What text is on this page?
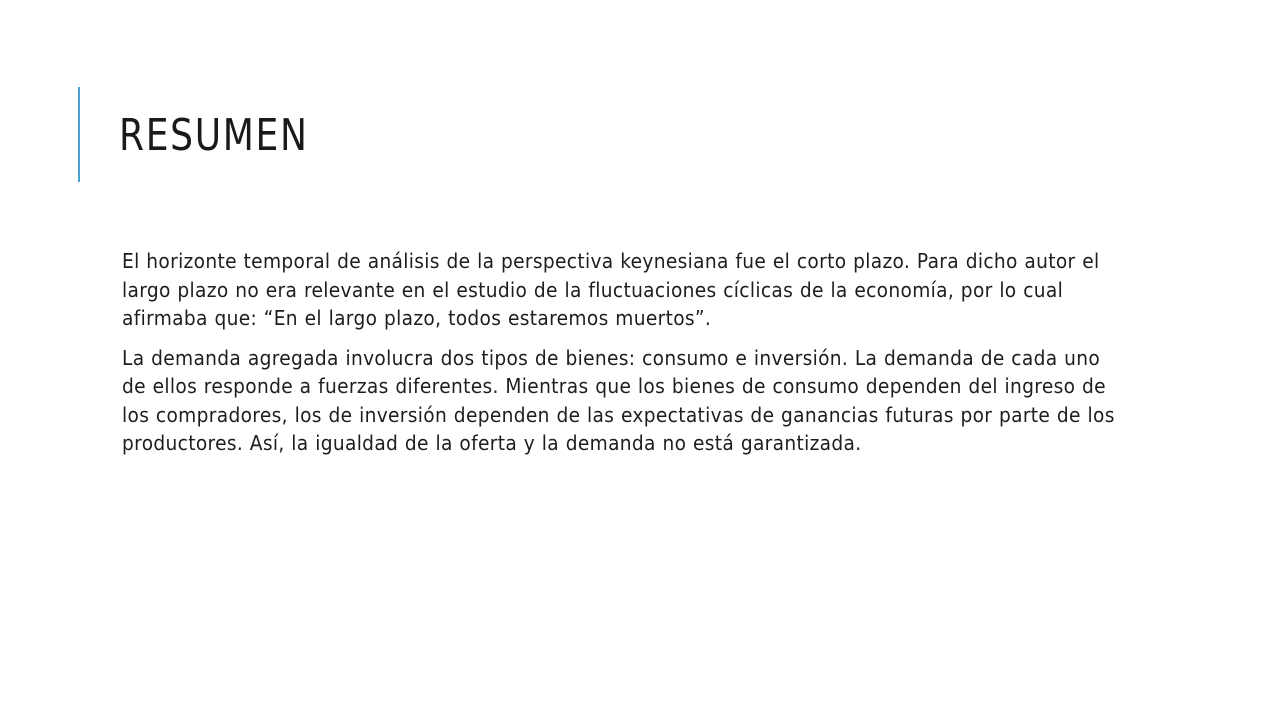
RESUMEN

El horizonte temporal de análisis de la perspectiva keynesiana fue el corto plazo. Para dicho autor el largo plazo no era relevante en el estudio de la fluctuaciones cíclicas de la economía, por lo cual afirmaba que: “En el largo plazo, todos estaremos muertos”.

La demanda agregada involucra dos tipos de bienes: consumo e inversión. La demanda de cada uno de ellos responde a fuerzas diferentes. Mientras que los bienes de consumo dependen del ingreso de los compradores, los de inversión dependen de las expectativas de ganancias futuras por parte de los productores. Así, la igualdad de la oferta y la demanda no está garantizada.
